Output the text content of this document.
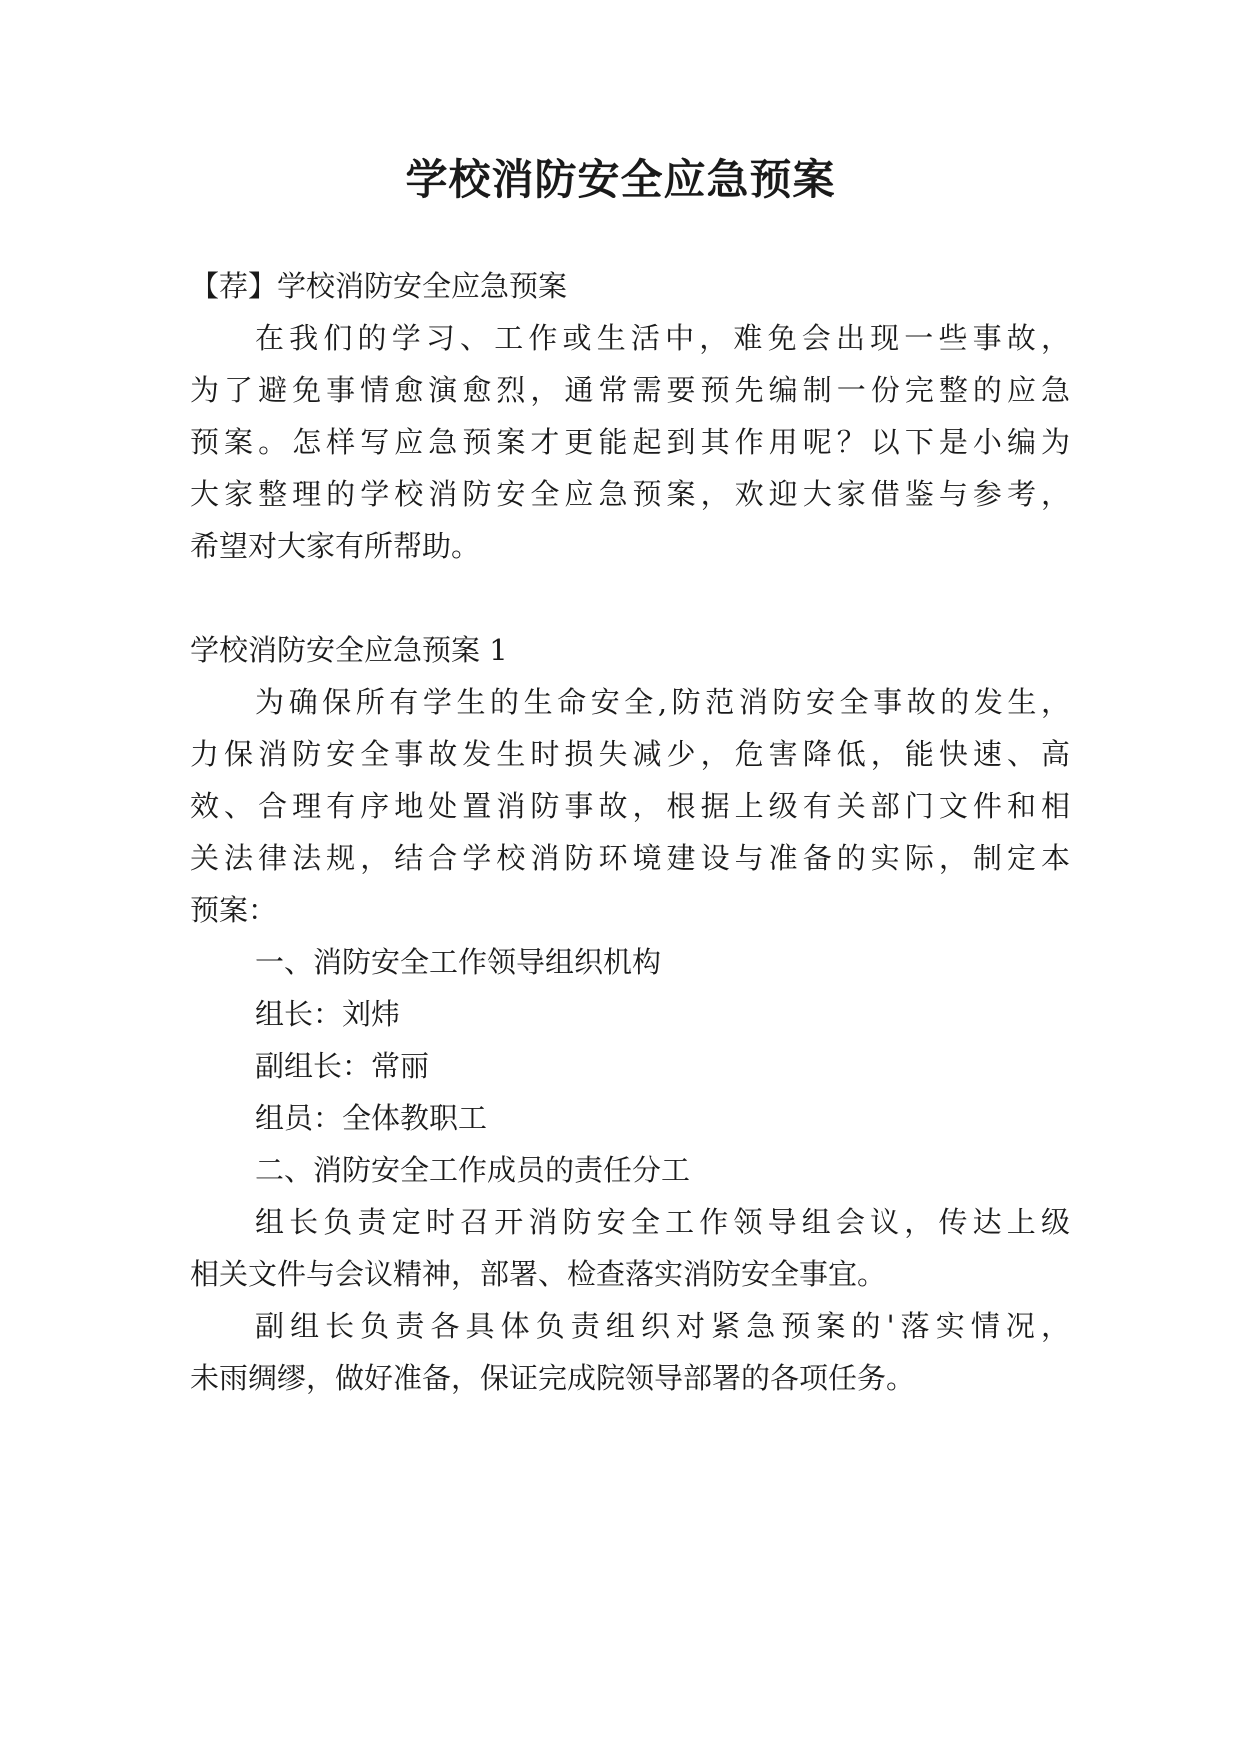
学校消防安全应急预案

【荐】学校消防安全应急预案

在我们的学习、工作或生活中，难免会出现一些事故，

为了避免事情愈演愈烈，通常需要预先编制一份完整的应急

预案。怎样写应急预案才更能起到其作用呢？以下是小编为

大家整理的学校消防安全应急预案，欢迎大家借鉴与参考，

希望对大家有所帮助。

学校消防安全应急预案 1

为确保所有学生的生命安全,防范消防安全事故的发生，

力保消防安全事故发生时损失减少，危害降低，能快速、高

效、合理有序地处置消防事故，根据上级有关部门文件和相

关法律法规，结合学校消防环境建设与准备的实际，制定本

预案：

一、消防安全工作领导组织机构

组长：刘炜

副组长：常丽

组员：全体教职工

二、消防安全工作成员的责任分工

组长负责定时召开消防安全工作领导组会议，传达上级

相关文件与会议精神，部署、检查落实消防安全事宜。

副组长负责各具体负责组织对紧急预案的'落实情况，

未雨绸缪，做好准备，保证完成院领导部署的各项任务。
